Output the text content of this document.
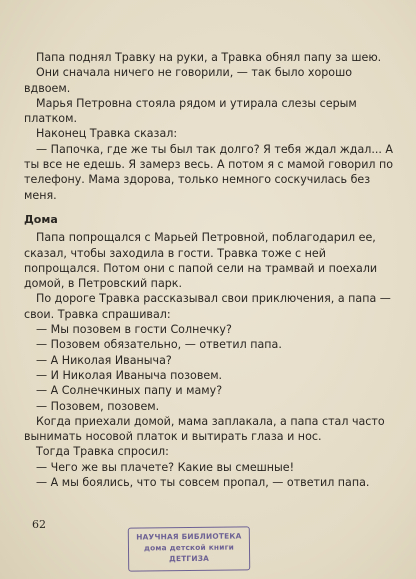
Папа поднял Травку на руки, а Травка обнял папу за шею.

Они сначала ничего не говорили, — так было хорошо вдвоем.

Марья Петровна стояла рядом и утирала слезы серым платком.

Наконец Травка сказал:

— Папочка, где же ты был так долго? Я тебя ждал ждал... А ты все не едешь. Я замерз весь. А потом я с мамой говорил по телефону. Мама здорова, только немного соскучилась без меня.

Дома

Папа попрощался с Марьей Петровной, поблагодарил ее, сказал, чтобы заходила в гости. Травка тоже с ней попрощался. Потом они с папой сели на трамвай и поехали домой, в Петровский парк.

По дороге Травка рассказывал свои приключения, а папа — свои. Травка спрашивал:

— Мы позовем в гости Солнечку?

— Позовем обязательно, — ответил папа.

— А Николая Иваныча?

— И Николая Иваныча позовем.

— А Солнечкиных папу и маму?

— Позовем, позовем.

Когда приехали домой, мама заплакала, а папа стал часто вынимать носовой платок и вытирать глаза и нос.

Тогда Травка спросил:

— Чего же вы плачете? Какие вы смешные!

— А мы боялись, что ты совсем пропал, — ответил папа.

62
НАУЧНАЯ БИБЛИОТЕКА
дома детской книги
ДЕТГИЗА
